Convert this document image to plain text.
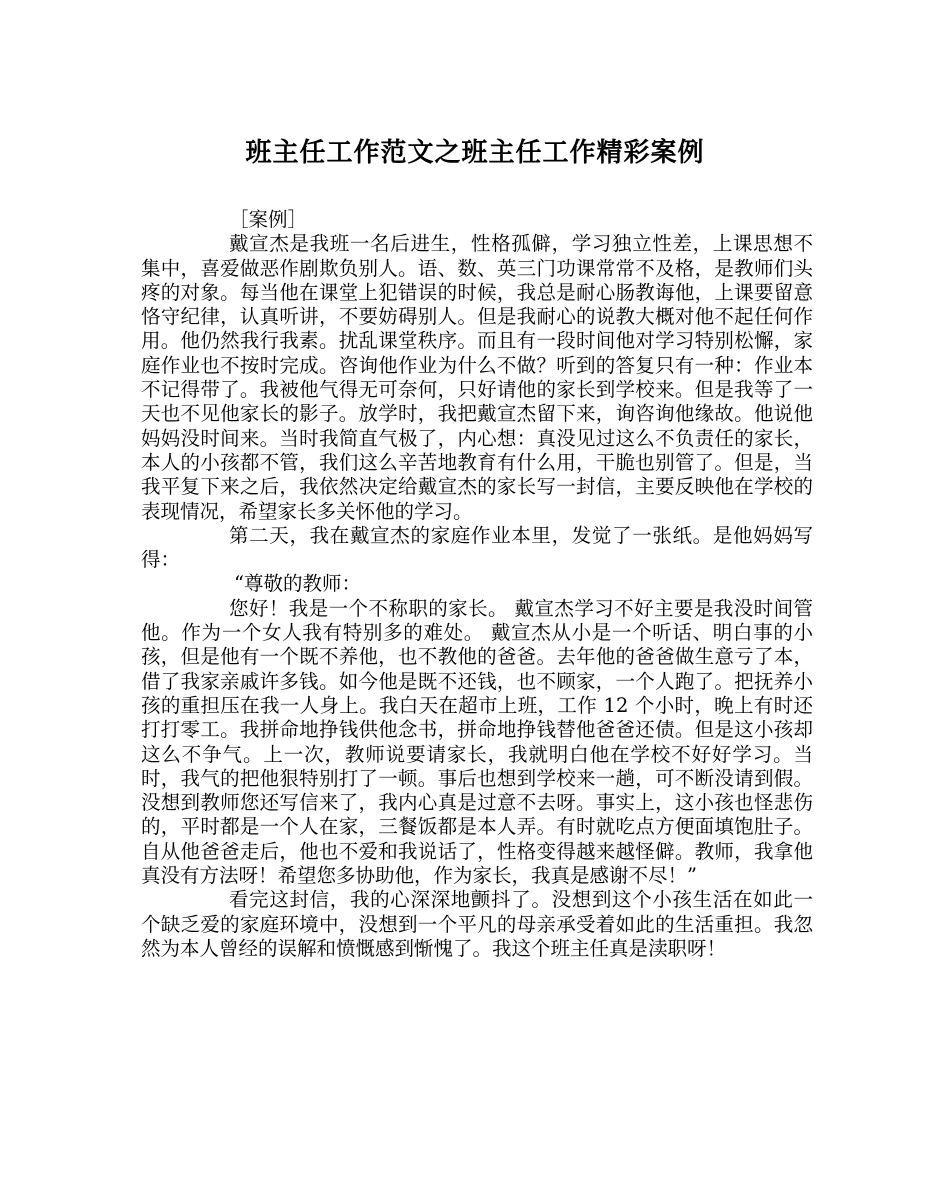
班主任工作范文之班主任工作精彩案例

［案例］

戴宣杰是我班一名后进生，性格孤僻，学习独立性差，上课思想不集中，喜爱做恶作剧欺负别人。语、数、英三门功课常常不及格，是教师们头疼的对象。每当他在课堂上犯错误的时候，我总是耐心肠教诲他，上课要留意恪守纪律，认真听讲，不要妨碍别人。但是我耐心的说教大概对他不起任何作用。他仍然我行我素。扰乱课堂秩序。而且有一段时间他对学习特别松懈，家庭作业也不按时完成。咨询他作业为什么不做？听到的答复只有一种：作业本不记得带了。我被他气得无可奈何，只好请他的家长到学校来。但是我等了一天也不见他家长的影子。放学时，我把戴宣杰留下来，询咨询他缘故。他说他妈妈没时间来。当时我简直气极了，内心想：真没见过这么不负责任的家长，本人的小孩都不管，我们这么辛苦地教育有什么用，干脆也别管了。但是，当我平复下来之后，我依然决定给戴宣杰的家长写一封信，主要反映他在学校的表现情况，希望家长多关怀他的学习。

第二天，我在戴宣杰的家庭作业本里，发觉了一张纸。是他妈妈写得：

“尊敬的教师：

您好！我是一个不称职的家长。 戴宣杰学习不好主要是我没时间管他。作为一个女人我有特别多的难处。 戴宣杰从小是一个听话、明白事的小孩，但是他有一个既不养他，也不教他的爸爸。去年他的爸爸做生意亏了本，借了我家亲戚许多钱。如今他是既不还钱，也不顾家，一个人跑了。把抚养小孩的重担压在我一人身上。我白天在超市上班，工作 12 个小时，晚上有时还打打零工。我拼命地挣钱供他念书，拼命地挣钱替他爸爸还债。但是这小孩却这么不争气。上一次，教师说要请家长，我就明白他在学校不好好学习。当时，我气的把他狠特别打了一顿。事后也想到学校来一趟，可不断没请到假。没想到教师您还写信来了，我内心真是过意不去呀。事实上，这小孩也怪悲伤的，平时都是一个人在家，三餐饭都是本人弄。有时就吃点方便面填饱肚子。自从他爸爸走后，他也不爱和我说话了，性格变得越来越怪僻。教师，我拿他真没有方法呀！希望您多协助他，作为家长，我真是感谢不尽！”

看完这封信，我的心深深地颤抖了。没想到这个小孩生活在如此一个缺乏爱的家庭环境中，没想到一个平凡的母亲承受着如此的生活重担。我忽然为本人曾经的误解和愤慨感到惭愧了。我这个班主任真是渎职呀！
